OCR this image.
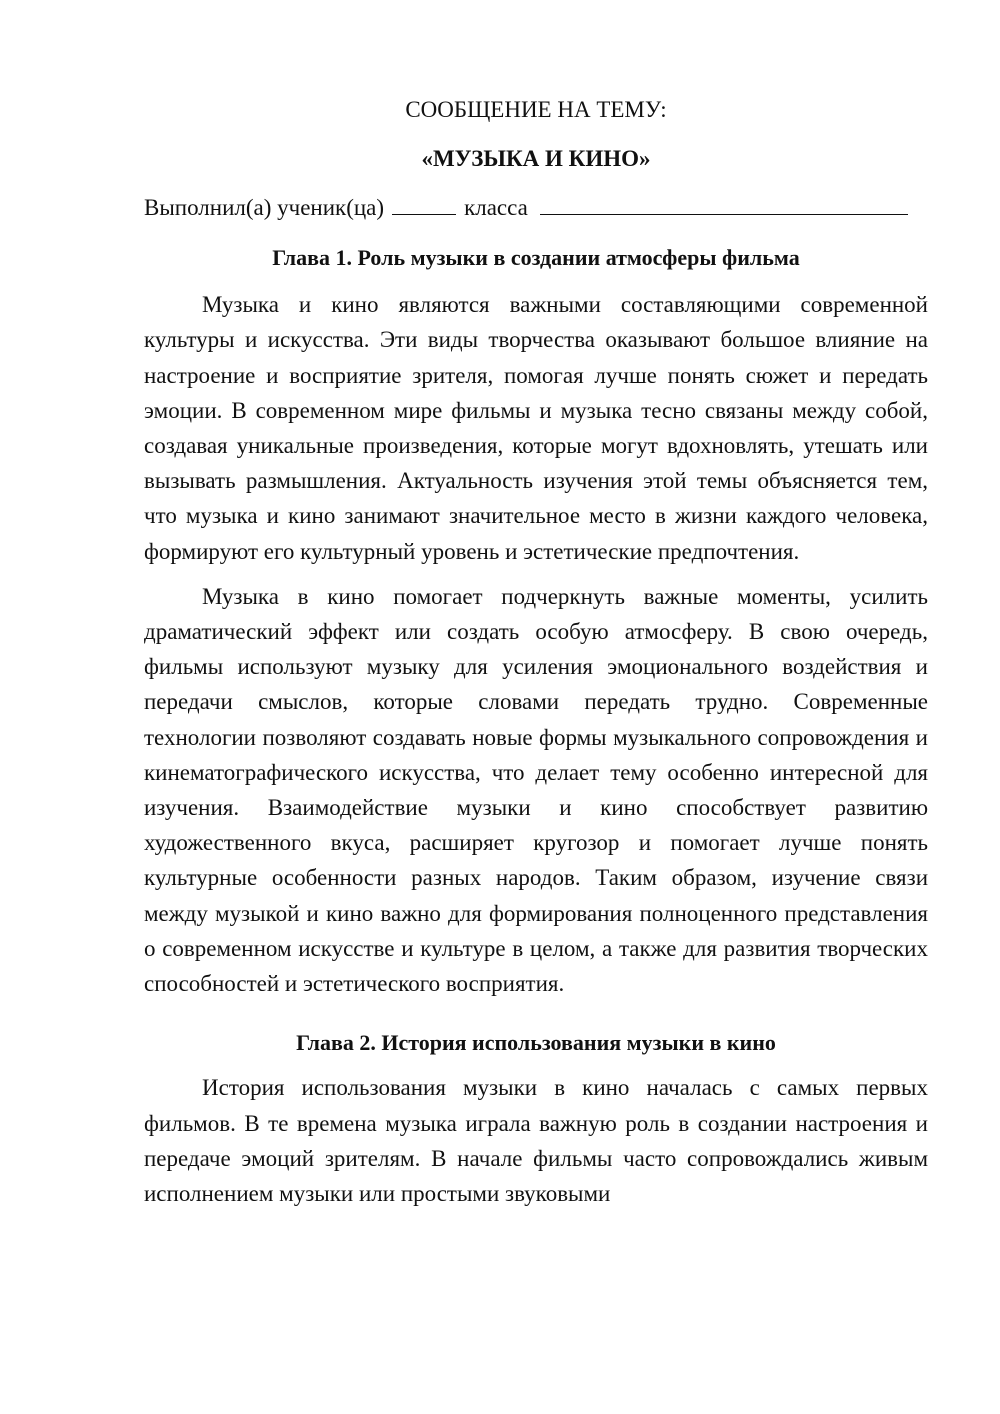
СООБЩЕНИЕ НА ТЕМУ:

«МУЗЫКА И КИНО»

Выполнил(а) ученик(ца)	класса
Глава 1. Роль музыки в создании атмосферы фильма

Музыка и кино являются важными составляющими современной культуры и искусства. Эти виды творчества оказывают большое влияние на настроение и восприятие зрителя, помогая лучше понять сюжет и передать эмоции. В современном мире фильмы и музыка тесно связаны между собой, создавая уникальные произведения, которые могут вдохновлять, утешать или вызывать размышления. Актуальность изучения этой темы объясняется тем, что музыка и кино занимают значительное место в жизни каждого человека, формируют его культурный уровень и эстетические предпочтения.

Музыка в кино помогает подчеркнуть важные моменты, усилить драматический эффект или создать особую атмосферу. В свою очередь, фильмы используют музыку для усиления эмоционального воздействия и передачи смыслов, которые словами передать трудно. Современные технологии позволяют создавать новые формы музыкального сопровождения и кинематографического искусства, что делает тему особенно интересной для изучения. Взаимодействие музыки и кино способствует развитию художественного вкуса, расширяет кругозор и помогает лучше понять культурные особенности разных народов. Таким образом, изучение связи между музыкой и кино важно для формирования полноценного представления о современном искусстве и культуре в целом, а также для развития творческих способностей и эстетического восприятия.

Глава 2. История использования музыки в кино

История использования музыки в кино началась с самых первых фильмов. В те времена музыка играла важную роль в создании настроения и передаче эмоций зрителям. В начале фильмы часто сопровождались живым исполнением музыки или простыми звуковыми
